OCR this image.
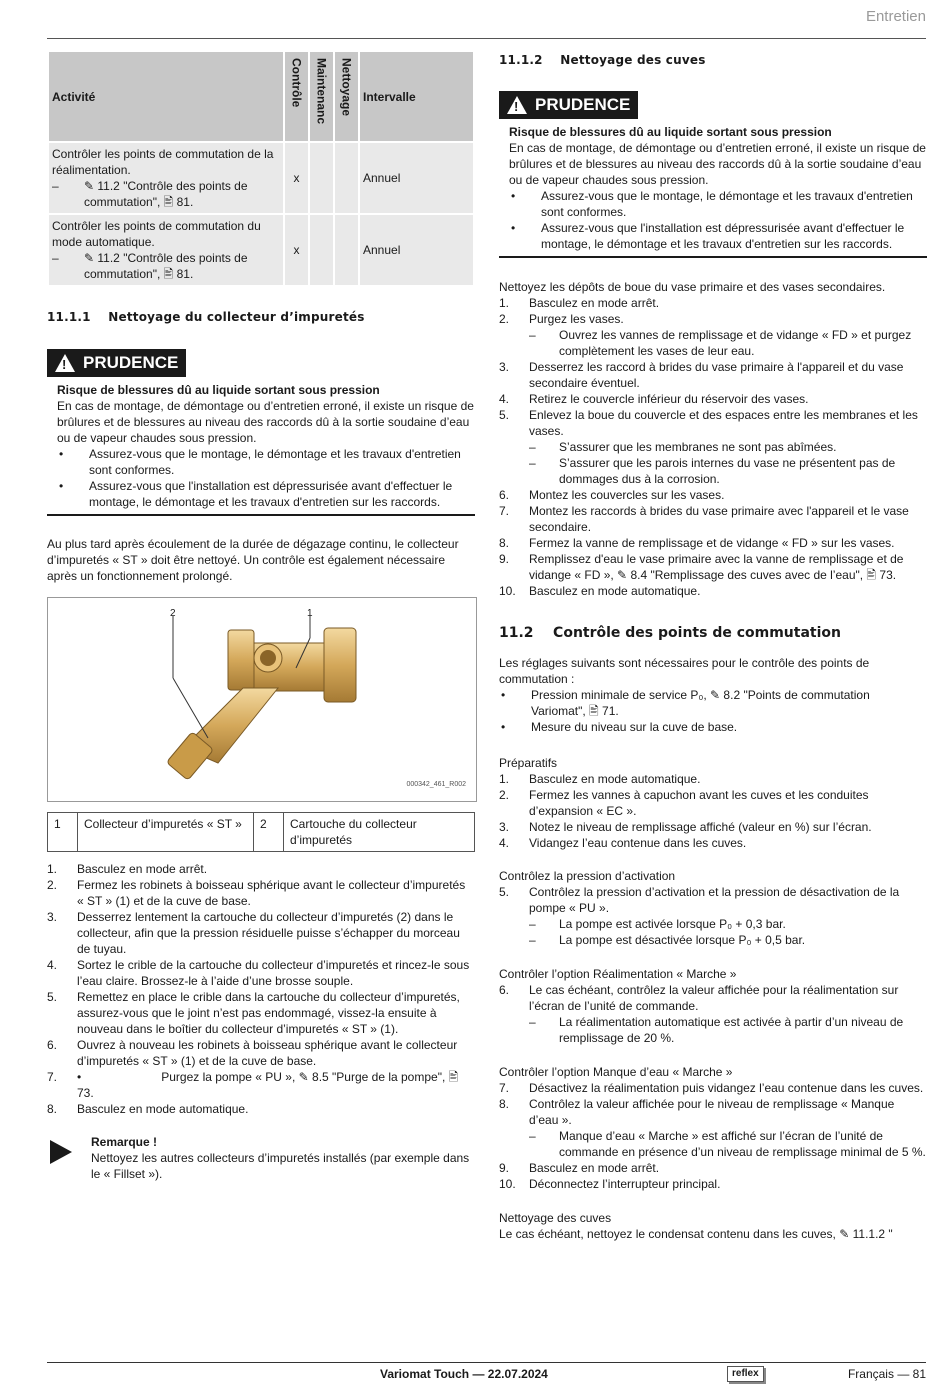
Entretien
Activité	Contrôle	Maintenanc	Nettoyage	Intervalle

Contrôler les points de commutation de la réalimentation.
– ✎ 11.2 "Contrôle des points de commutation", 🖹 81.	x			Annuel

Contrôler les points de commutation du mode automatique.
– ✎ 11.2 "Contrôle des points de commutation", 🖹 81.	x			Annuel
11.1.1 Nettoyage du collecteur d’impuretés
! PRUDENCE
Risque de blessures dû au liquide sortant sous pression

En cas de montage, de démontage ou d’entretien erroné, il existe un risque de brûlures et de blessures au niveau des raccords dû à la sortie soudaine d’eau ou de vapeur chaudes sous pression.

•	Assurez-vous que le montage, le démontage et les travaux d'entretien sont conformes.
•	Assurez-vous que l'installation est dépressurisée avant d'effectuer le montage, le démontage et les travaux d'entretien sur les raccords.

Au plus tard après écoulement de la durée de dégazage continu, le collecteur d’impuretés « ST » doit être nettoyé. Un contrôle est également nécessaire après un fonctionnement prolongé.

2	1
000342_461_R002
1	Collecteur d’impuretés « ST »	2	Cartouche du collecteur d’impuretés
1.	Basculez en mode arrêt.
2.	Fermez les robinets à boisseau sphérique avant le collecteur d’impuretés « ST » (1) et de la cuve de base.
3.	Desserrez lentement la cartouche du collecteur d’impuretés (2) dans le collecteur, afin que la pression résiduelle puisse s’échapper du morceau de tuyau.
4.	Sortez le crible de la cartouche du collecteur d’impuretés et rincez-le sous l’eau claire. Brossez-le à l’aide d’une brosse souple.
5.	Remettez en place le crible dans la cartouche du collecteur d’impuretés, assurez-vous que le joint n’est pas endommagé, vissez-la ensuite à nouveau dans le boîtier du collecteur d’impuretés « ST » (1).
6.	Ouvrez à nouveau les robinets à boisseau sphérique avant le collecteur d’impuretés « ST » (1) et de la cuve de base.
7.	•                        Purgez la pompe « PU », ✎ 8.5 "Purge de la pompe", 🖹 73.
8.	Basculez en mode automatique.
Remarque !

Nettoyez les autres collecteurs d’impuretés installés (par exemple dans le « Fillset »).

11.1.2 Nettoyage des cuves
! PRUDENCE
Risque de blessures dû au liquide sortant sous pression

En cas de montage, de démontage ou d’entretien erroné, il existe un risque de brûlures et de blessures au niveau des raccords dû à la sortie soudaine d’eau ou de vapeur chaudes sous pression.

•	Assurez-vous que le montage, le démontage et les travaux d'entretien sont conformes.
•	Assurez-vous que l'installation est dépressurisée avant d'effectuer le montage, le démontage et les travaux d'entretien sur les raccords.

Nettoyez les dépôts de boue du vase primaire et des vases secondaires.

1.	Basculez en mode arrêt.
2.	Purgez les vases.
–	Ouvrez les vannes de remplissage et de vidange « FD » et purgez complètement les vases de leur eau.
3.	Desserrez les raccord à brides du vase primaire à l'appareil et du vase secondaire éventuel.
4.	Retirez le couvercle inférieur du réservoir des vases.
5.	Enlevez la boue du couvercle et des espaces entre les membranes et les vases.
–	S’assurer que les membranes ne sont pas abîmées.
–	S’assurer que les parois internes du vase ne présentent pas de dommages dus à la corrosion.
6.	Montez les couvercles sur les vases.
7.	Montez les raccords à brides du vase primaire avec l'appareil et le vase secondaire.
8.	Fermez la vanne de remplissage et de vidange « FD » sur les vases.
9.	Remplissez d'eau le vase primaire avec la vanne de remplissage et de vidange « FD », ✎ 8.4 "Remplissage des cuves avec de l’eau", 🖹 73.
10.	Basculez en mode automatique.
11.2 Contrôle des points de commutation

Les réglages suivants sont nécessaires pour le contrôle des points de commutation :

•	Pression minimale de service P₀, ✎ 8.2 "Points de commutation Variomat", 🖹 71.
•	Mesure du niveau sur la cuve de base.

Préparatifs

1.	Basculez en mode automatique.
2.	Fermez les vannes à capuchon avant les cuves et les conduites d’expansion « EC ».
3.	Notez le niveau de remplissage affiché (valeur en %) sur l’écran.
4.	Vidangez l’eau contenue dans les cuves.

Contrôlez la pression d’activation

5.	Contrôlez la pression d’activation et la pression de désactivation de la pompe « PU ».
–	La pompe est activée lorsque P₀ + 0,3 bar.
–	La pompe est désactivée lorsque P₀ + 0,5 bar.

Contrôler l’option Réalimentation « Marche »

6.	Le cas échéant, contrôlez la valeur affichée pour la réalimentation sur l’écran de l’unité de commande.
–	La réalimentation automatique est activée à partir d’un niveau de remplissage de 20 %.

Contrôler l’option Manque d’eau « Marche »

7.	Désactivez la réalimentation puis vidangez l’eau contenue dans les cuves.
8.	Contrôlez la valeur affichée pour le niveau de remplissage « Manque d’eau ».
–	Manque d’eau « Marche » est affiché sur l’écran de l’unité de commande en présence d’un niveau de remplissage minimal de 5 %.
9.	Basculez en mode arrêt.
10.	Déconnectez l’interrupteur principal.

Nettoyage des cuves

Le cas échéant, nettoyez le condensat contenu dans les cuves, ✎ 11.1.2 "

Variomat Touch — 22.07.2024	reflex	Français — 81
